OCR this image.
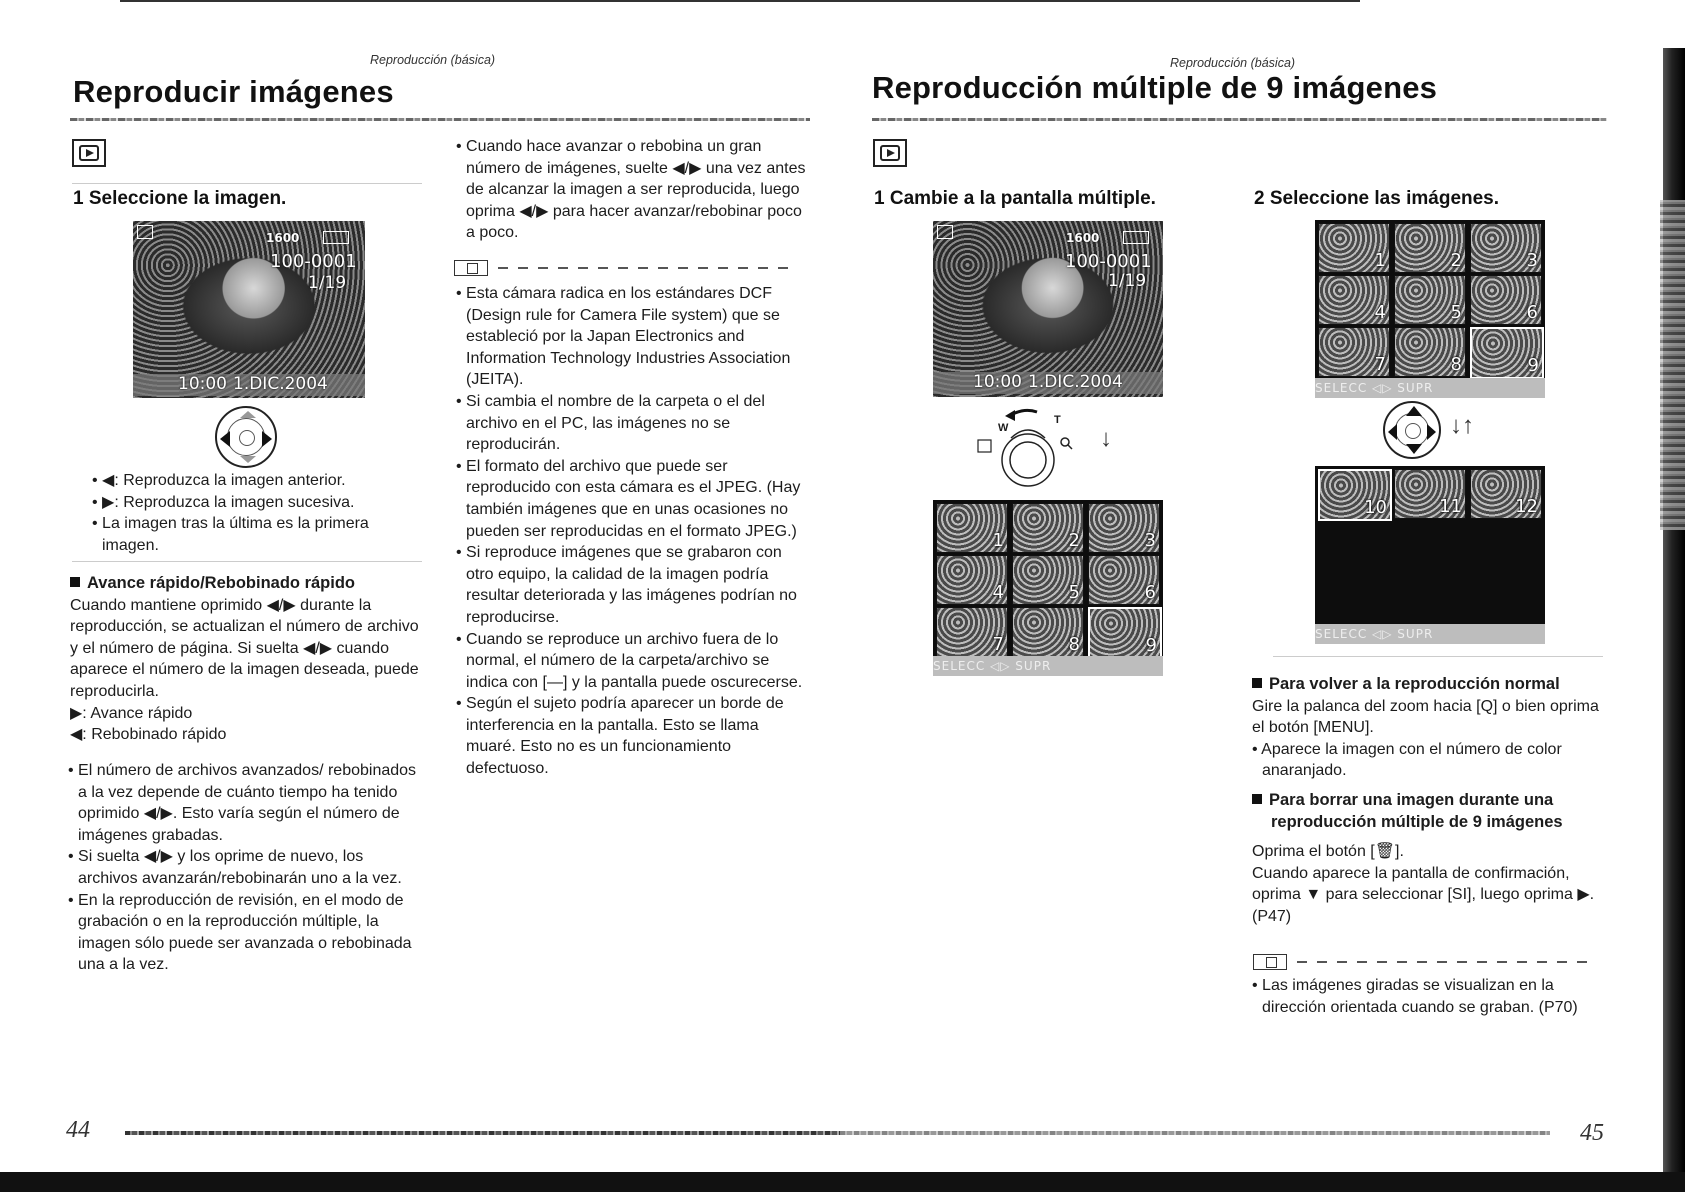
Reproducción (básica)
Reproducir imágenes
1 Seleccione la imagen.
1600
100-0001
1/19
10:00 1.DIC.2004

• ◀: Reproduzca la imagen anterior.

• ▶: Reproduzca la imagen sucesiva.

• La imagen tras la última es la primera imagen.

Avance rápido/Rebobinado rápido

Cuando mantiene oprimido ◀/▶ durante la reproducción, se actualizan el número de archivo y el número de página. Si suelta ◀/▶ cuando aparece el número de la imagen deseada, puede reproducirla.

▶: Avance rápido

◀: Rebobinado rápido

• El número de archivos avanzados/ rebobinados a la vez depende de cuánto tiempo ha tenido oprimido ◀/▶. Esto varía según el número de imágenes grabadas.

• Si suelta ◀/▶ y los oprime de nuevo, los archivos avanzarán/rebobinarán uno a la vez.

• En la reproducción de revisión, en el modo de grabación o en la reproducción múltiple, la imagen sólo puede ser avanzada o rebobinada una a la vez.

• Cuando hace avanzar o rebobina un gran número de imágenes, suelte ◀/▶ una vez antes de alcanzar la imagen a ser reproducida, luego oprima ◀/▶ para hacer avanzar/rebobinar poco a poco.

• Esta cámara radica en los estándares DCF (Design rule for Camera File system) que se estableció por la Japan Electronics and Information Technology Industries Association (JEITA).

• Si cambia el nombre de la carpeta o el del archivo en el PC, las imágenes no se reproducirán.

• El formato del archivo que puede ser reproducido con esta cámara es el JPEG. (Hay también imágenes que en unas ocasiones no pueden ser reproducidas en el formato JPEG.)

• Si reproduce imágenes que se grabaron con otro equipo, la calidad de la imagen podría resultar deteriorada y las imágenes podrían no reproducirse.

• Cuando se reproduce un archivo fuera de lo normal, el número de la carpeta/archivo se indica con [—] y la pantalla puede oscurecerse.

• Según el sujeto podría aparecer un borde de interferencia en la pantalla. Esto se llama muaré. Esto no es un funcionamiento defectuoso.

44
Reproducción (básica)
Reproducción múltiple de 9 imágenes
1 Cambie a la pantalla múltiple.	2 Seleccione las imágenes.
1600
100-0001
1/19
10:00 1.DIC.2004
W
T
↓
1	2	3
4	5	6
7	8	9
SELECC ◁▷ SUPR
1	2	3
4	5	6
7	8	9
SELECC ◁▷ SUPR
↓↑
10	11	12
SELECC ◁▷ SUPR

Para volver a la reproducción normal

Gire la palanca del zoom hacia [Q] o bien oprima el botón [MENU].

• Aparece la imagen con el número de color anaranjado.

Para borrar una imagen durante una reproducción múltiple de 9 imágenes

Oprima el botón [🗑].

Cuando aparece la pantalla de confirmación, oprima ▼ para seleccionar [SI], luego oprima ▶. (P47)

• Las imágenes giradas se visualizan en la dirección orientada cuando se graban. (P70)

45
